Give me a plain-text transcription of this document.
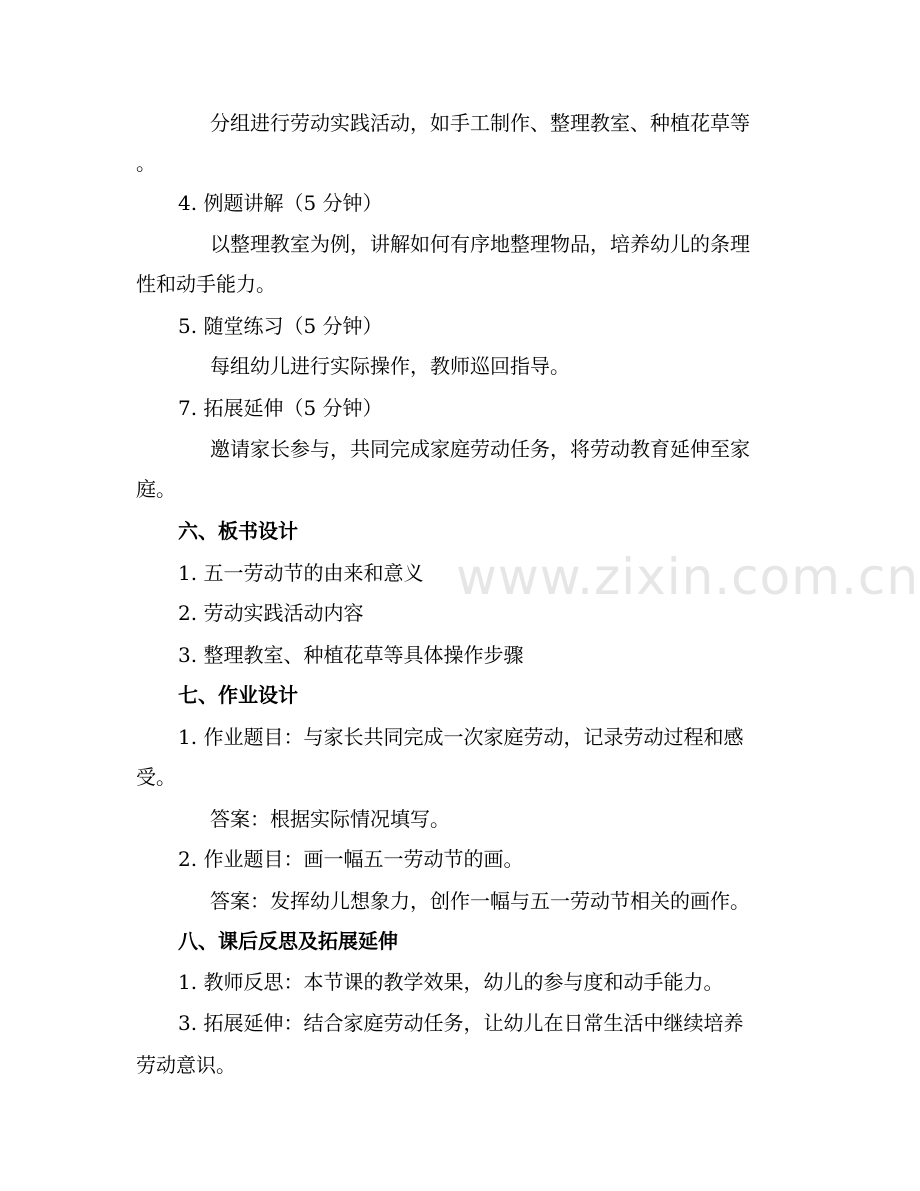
www.zixin.com.cn
分组进行劳动实践活动，如手工制作、整理教室、种植花草等
。
4. 例题讲解（5 分钟）
以整理教室为例，讲解如何有序地整理物品，培养幼儿的条理
性和动手能力。
5. 随堂练习（5 分钟）
每组幼儿进行实际操作，教师巡回指导。
7. 拓展延伸（5 分钟）
邀请家长参与，共同完成家庭劳动任务，将劳动教育延伸至家
庭。
六、板书设计
1. 五一劳动节的由来和意义
2. 劳动实践活动内容
3. 整理教室、种植花草等具体操作步骤
七、作业设计
1. 作业题目：与家长共同完成一次家庭劳动，记录劳动过程和感
受。
答案：根据实际情况填写。
2. 作业题目：画一幅五一劳动节的画。
答案：发挥幼儿想象力，创作一幅与五一劳动节相关的画作。
八、课后反思及拓展延伸
1. 教师反思：本节课的教学效果，幼儿的参与度和动手能力。
3. 拓展延伸：结合家庭劳动任务，让幼儿在日常生活中继续培养
劳动意识。
